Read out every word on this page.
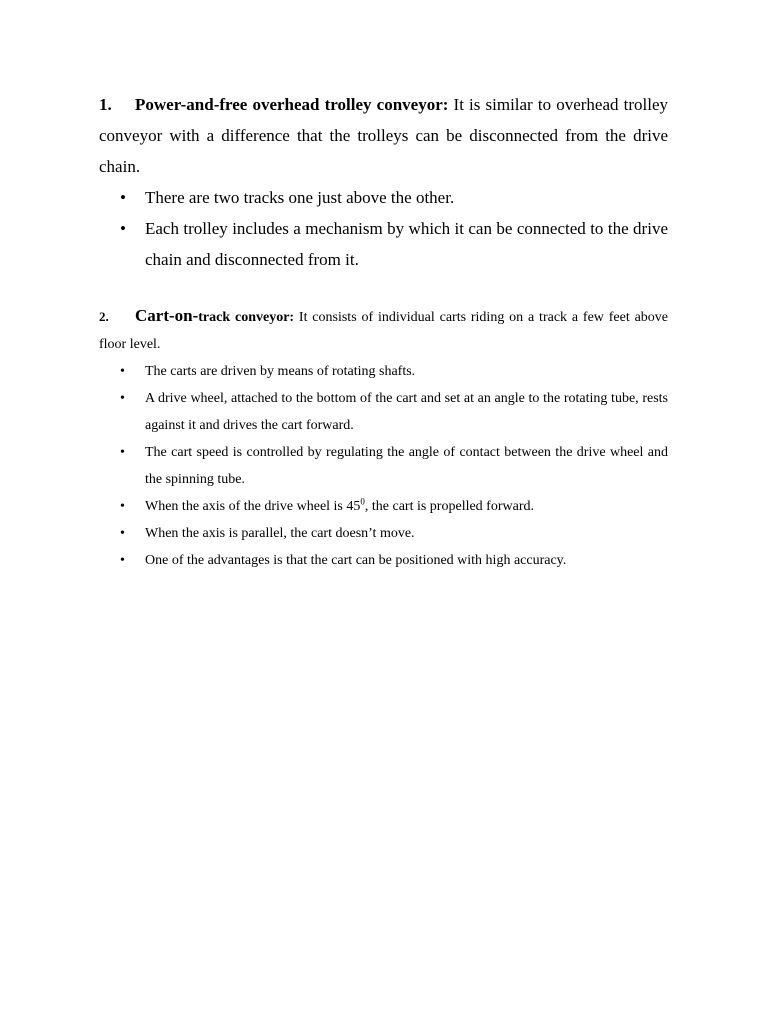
1. Power-and-free overhead trolley conveyor: It is similar to overhead trolley conveyor with a difference that the trolleys can be disconnected from the drive chain.

• There are two tracks one just above the other.
• Each trolley includes a mechanism by which it can be connected to the drive chain and disconnected from it.

2. Cart-on-track conveyor: It consists of individual carts riding on a track a few feet above floor level.

• The carts are driven by means of rotating shafts.
• A drive wheel, attached to the bottom of the cart and set at an angle to the rotating tube, rests against it and drives the cart forward.
• The cart speed is controlled by regulating the angle of contact between the drive wheel and the spinning tube.
• When the axis of the drive wheel is $45^0$, the cart is propelled forward.
• When the axis is parallel, the cart doesn’t move.
• One of the advantages is that the cart can be positioned with high accuracy.
